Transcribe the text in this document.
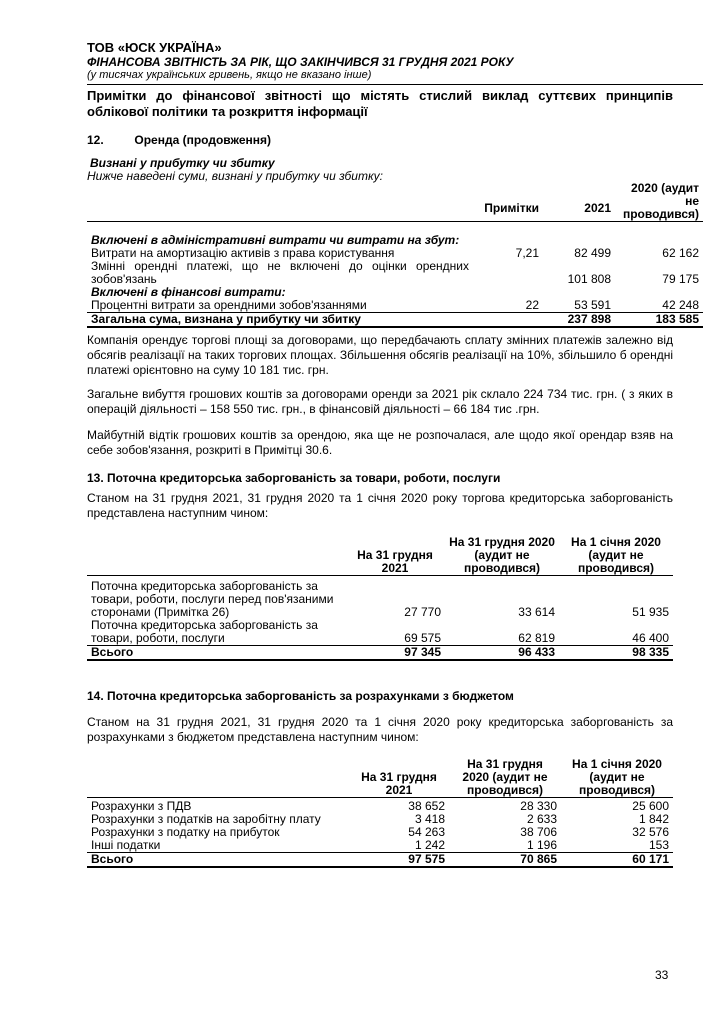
ТОВ «ЮСК УКРАЇНА»
ФІНАНСОВА ЗВІТНІСТЬ ЗА РІК, ЩО ЗАКІНЧИВСЯ 31 ГРУДНЯ 2021 РОКУ
(у тисячах українських гривень, якщо не вказано інше)
Примітки до фінансової звітності що містять стислий виклад суттєвих принципів облікової політики та розкриття інформації
12.	Оренда (продовження)
Визнані у прибутку чи збитку
Нижче наведені суми, визнані у прибутку чи збитку:
	Примітки	2021	2020 (аудит не проводився)

Включені в адміністративні витрати чи витрати на збут:			
Витрати на амортизацію активів з права користування	7,21	82 499	62 162
Змінні орендні платежі, що не включені до оцінки орендних зобов'язань		101 808	79 175
Включені в фінансові витрати:			
Процентні витрати за орендними зобов'язаннями	22	53 591	42 248
Загальна сума, визнана у прибутку чи збитку		237 898	183 585
Компанія орендує торгові площі за договорами, що передбачають сплату змінних платежів залежно від обсягів реалізації на таких торгових площах. Збільшення обсягів реалізації на 10%, збільшило б орендні платежі орієнтовно на суму 10 181 тис. грн.
Загальне вибуття грошових коштів за договорами оренди за 2021 рік склало 224 734 тис. грн. ( з яких в операцій діяльності – 158 550 тис. грн., в фінансовій діяльності – 66 184 тис .грн.
Майбутній відтік грошових коштів за орендою, яка ще не розпочалася, але щодо якої орендар взяв на себе зобов'язання, розкриті в Примітці 30.6.
13. Поточна кредиторська заборгованість за товари, роботи, послуги
Станом на 31 грудня 2021, 31 грудня 2020 та 1 січня 2020 року торгова кредиторська заборгованість представлена наступним чином:
	На 31 грудня 2021	На 31 грудня 2020 (аудит не проводився)	На 1 січня 2020 (аудит не проводився)

Поточна кредиторська заборгованість за товари, роботи, послуги перед пов'язаними сторонами (Примітка 26)	27 770	33 614	51 935
Поточна кредиторська заборгованість за товари, роботи, послуги	69 575	62 819	46 400
Всього	97 345	96 433	98 335
14. Поточна кредиторська заборгованість за розрахунками з бюджетом
Станом на 31 грудня 2021, 31 грудня 2020 та 1 січня 2020 року кредиторська заборгованість за розрахунками з бюджетом представлена наступним чином:
	На 31 грудня 2021	На 31 грудня 2020 (аудит не проводився)	На 1 січня 2020 (аудит не проводився)

Розрахунки з ПДВ	38 652	28 330	25 600
Розрахунки з податків на заробітну плату	3 418	2 633	1 842
Розрахунки з податку на прибуток	54 263	38 706	32 576
Інші податки	1 242	1 196	153
Всього	97 575	70 865	60 171
33
